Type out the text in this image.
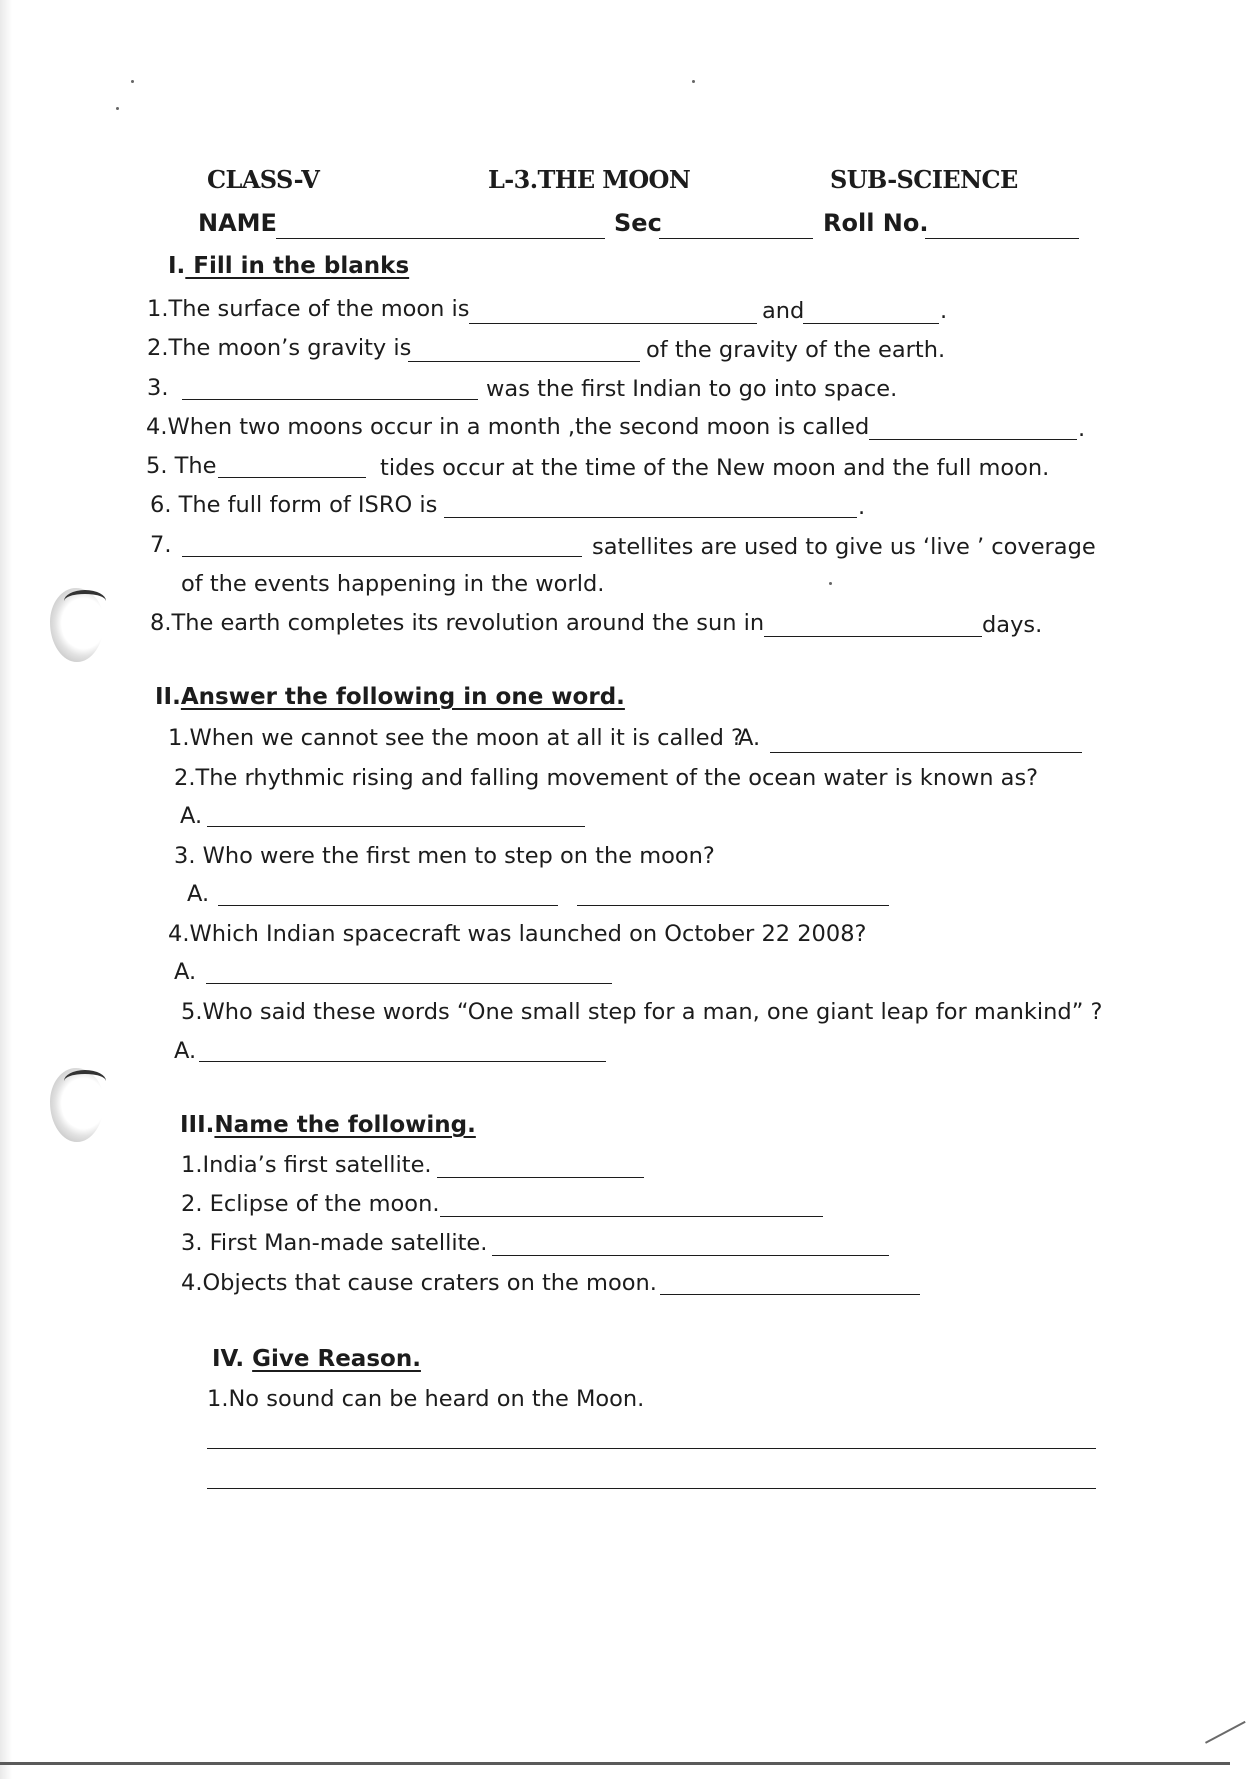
CLASS-V	L-3.THE MOON	SUB-SCIENCE
NAME	Sec	Roll No.
I. Fill in the blanks
1.The surface of the moon is	and	.
2.The moon’s gravity is	of the gravity of the earth.
3.	was the first Indian to go into space.
4.When two moons occur in a month ,the second moon is called	.
5. The	tides occur at the time of the New moon and the full moon.
6. The full form of ISRO is	.
7.	satellites are used to give us ‘live ’ coverage
of the events happening in the world.
8.The earth completes its revolution around the sun in	days.
II.Answer the following in one word.
1.When we cannot see the moon at all it is called ?
A.
2.The rhythmic rising and falling movement of the ocean water is known as?
A.
3. Who were the first men to step on the moon?
A.
4.Which Indian spacecraft was launched on October 22 2008?
A.
5.Who said these words “One small step for a man, one giant leap for mankind” ?
A.
III.Name the following.
1.India’s first satellite.
2. Eclipse of the moon.
3. First Man-made satellite.
4.Objects that cause craters on the moon.
IV. Give Reason.
1.No sound can be heard on the Moon.
